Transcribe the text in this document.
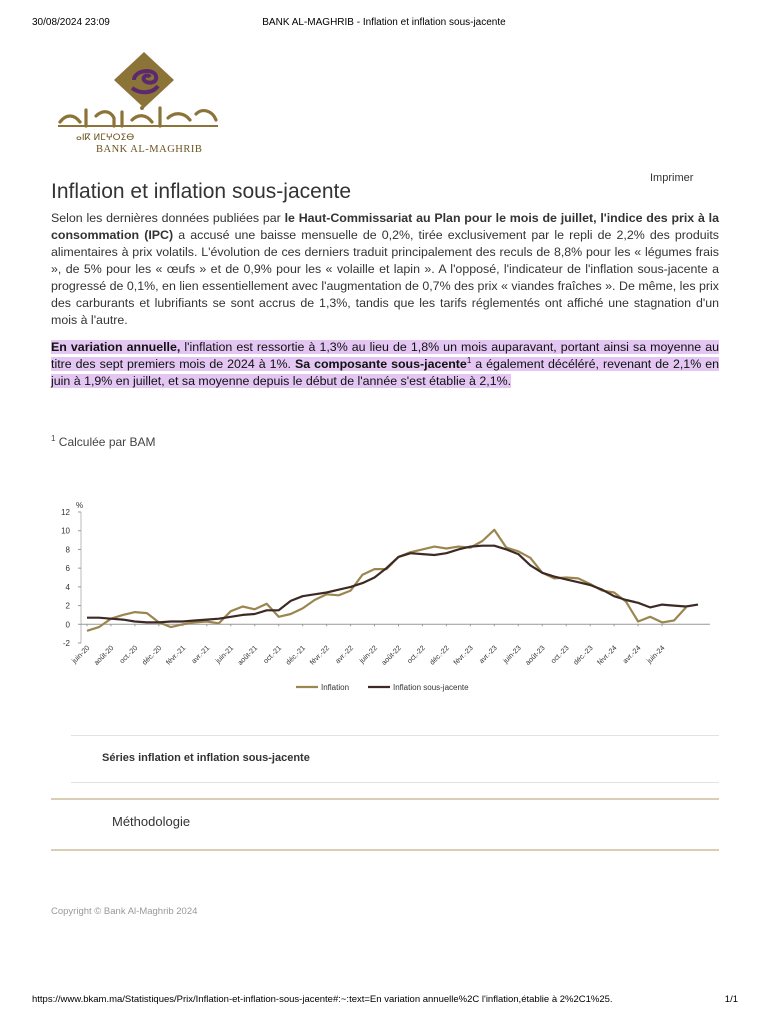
30/08/2024 23:09	BANK AL-MAGHRIB - Inflation et inflation sous-jacente
ⴰⵏⴽ ⵍⵎⵖⵔⵉⴱ
BANK AL-MAGHRIB
Imprimer
Inflation et inflation sous-jacente

Selon les dernières données publiées par le Haut-Commissariat au Plan pour le mois de juillet, l'indice des prix à la consommation (IPC) a accusé une baisse mensuelle de 0,2%, tirée exclusivement par le repli de 2,2% des produits alimentaires à prix volatils. L'évolution de ces derniers traduit principalement des reculs de 8,8% pour les « légumes frais », de 5% pour les « œufs » et de 0,9% pour les « volaille et lapin ». A l'opposé, l'indicateur de l'inflation sous-jacente a progressé de 0,1%, en lien essentiellement avec l'augmentation de 0,7% des prix « viandes fraîches ». De même, les prix des carburants et lubrifiants se sont accrus de 1,3%, tandis que les tarifs réglementés ont affiché une stagnation d'un mois à l'autre.

En variation annuelle, l'inflation est ressortie à 1,3% au lieu de 1,8% un mois auparavant, portant ainsi sa moyenne au titre des sept premiers mois de 2024 à 1%. Sa composante sous-jacente$^1$ a également décéléré, revenant de 2,1% en juin à 1,9% en juillet, et sa moyenne depuis le début de l'année s'est établie à 2,1%.

$^1$ Calculée par BAM
%
-2
0
2
4
6
8
10
12
juin-20 août-20 oct.-20 déc.-20 févr.-21 avr.-21 juin-21 août-21 oct.-21 déc.-21 févr.-22 avr.-22 juin-22 août-22 oct.-22 déc.-22 févr.-23 avr.-23 juin-23 août-23 oct.-23 déc.-23 févr.-24 avr.-24 juin-24
Inflation	Inflation sous-jacente
Séries inflation et inflation sous-jacente
Méthodologie
Copyright © Bank Al-Maghrib 2024
https://www.bkam.ma/Statistiques/Prix/Inflation-et-inflation-sous-jacente#:~:text=En variation annuelle%2C l'inflation,établie à 2%2C1%25.	1/1
